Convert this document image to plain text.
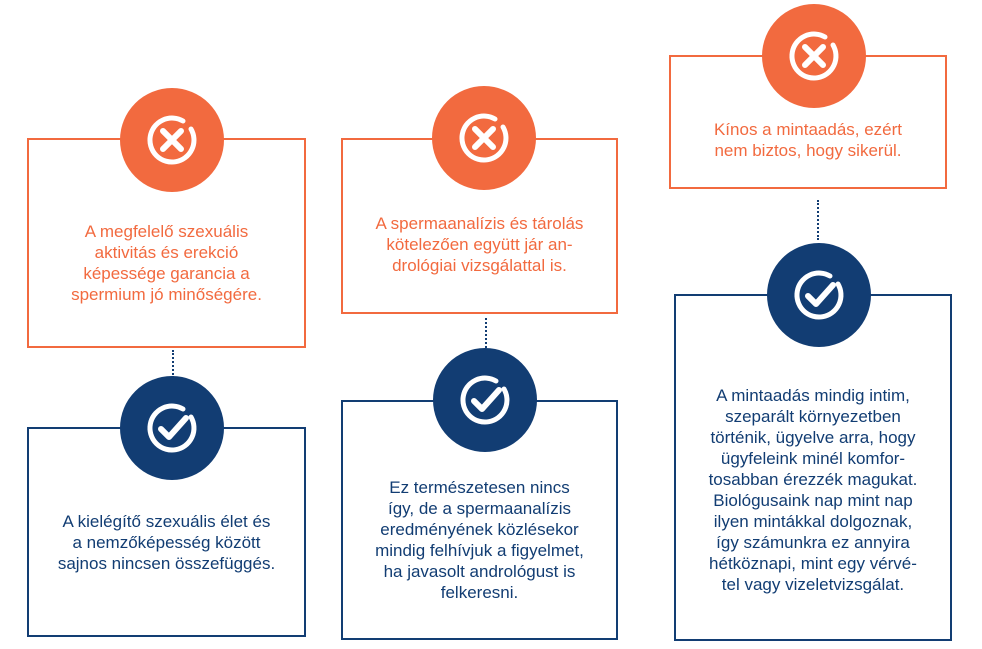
A megfelelő szexuális
aktivitás és erekció
képessége garancia a
spermium jó minőségére.
A kielégítő szexuális élet és
a nemzőképesség között
sajnos nincsen összefüggés.
A spermaanalízis és tárolás
kötelezően együtt jár an-
drológiai vizsgálattal is.
Ez természetesen nincs
így, de a spermaanalízis
eredményének közlésekor
mindig felhívjuk a figyelmet,
ha javasolt andrológust is
felkeresni.
Kínos a mintaadás, ezért
nem biztos, hogy sikerül.
A mintaadás mindig intim,
szeparált környezetben
történik, ügyelve arra, hogy
ügyfeleink minél komfor-
tosabban érezzék magukat.
Biológusaink nap mint nap
ilyen mintákkal dolgoznak,
így számunkra ez annyira
hétköznapi, mint egy vérvé-
tel vagy vizeletvizsgálat.
